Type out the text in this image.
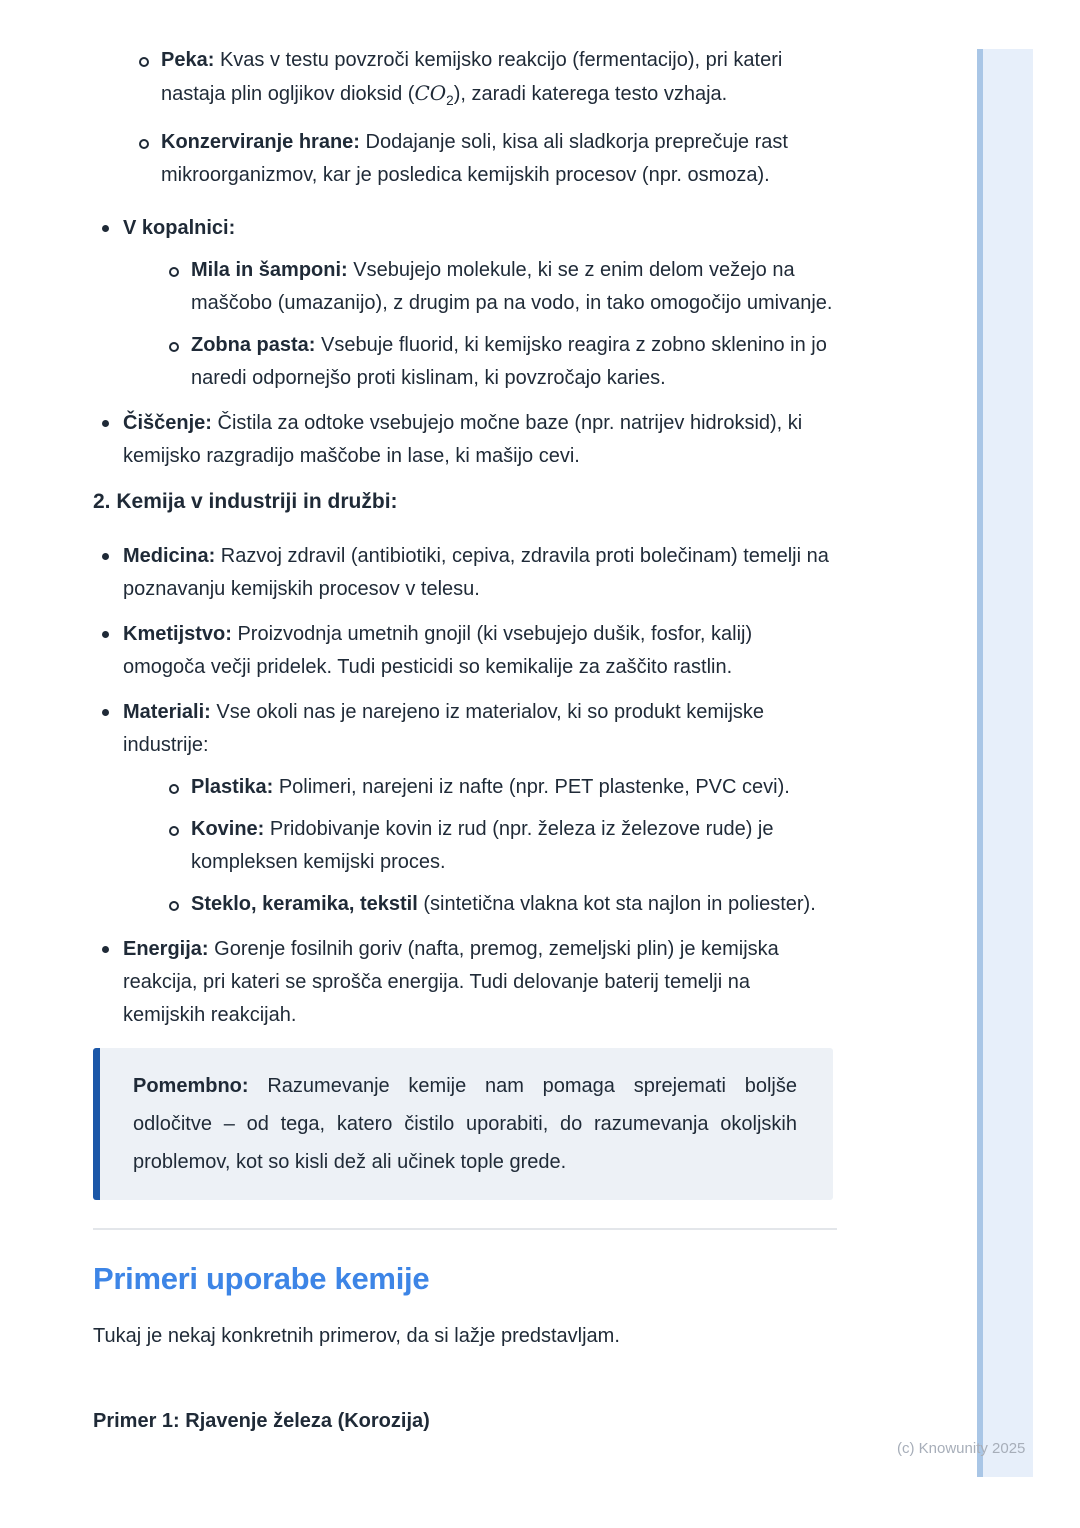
Peka: Kvas v testu povzroči kemijsko reakcijo (fermentacijo), pri kateri nastaja plin ogljikov dioksid $(CO_2)$, zaradi katerega testo vzhaja.
Konzerviranje hrane: Dodajanje soli, kisa ali sladkorja preprečuje rast mikroorganizmov, kar je posledica kemijskih procesov (npr. osmoza).
V kopalnici:
Mila in šamponi: Vsebujejo molekule, ki se z enim delom vežejo na maščobo (umazanijo), z drugim pa na vodo, in tako omogočijo umivanje.
Zobna pasta: Vsebuje fluorid, ki kemijsko reagira z zobno sklenino in jo naredi odpornejšo proti kislinam, ki povzročajo karies.
Čiščenje: Čistila za odtoke vsebujejo močne baze (npr. natrijev hidroksid), ki kemijsko razgradijo maščobe in lase, ki mašijo cevi.
2. Kemija v industriji in družbi:
Medicina: Razvoj zdravil (antibiotiki, cepiva, zdravila proti bolečinam) temelji na poznavanju kemijskih procesov v telesu.
Kmetijstvo: Proizvodnja umetnih gnojil (ki vsebujejo dušik, fosfor, kalij) omogoča večji pridelek. Tudi pesticidi so kemikalije za zaščito rastlin.
Materiali: Vse okoli nas je narejeno iz materialov, ki so produkt kemijske industrije:
Plastika: Polimeri, narejeni iz nafte (npr. PET plastenke, PVC cevi).
Kovine: Pridobivanje kovin iz rud (npr. železa iz železove rude) je kompleksen kemijski proces.
Steklo, keramika, tekstil (sintetična vlakna kot sta najlon in poliester).
Energija: Gorenje fosilnih goriv (nafta, premog, zemeljski plin) je kemijska reakcija, pri kateri se sprošča energija. Tudi delovanje baterij temelji na kemijskih reakcijah.

Pomembno: Razumevanje kemije nam pomaga sprejemati boljše odločitve – od tega, katero čistilo uporabiti, do razumevanja okoljskih problemov, kot so kisli dež ali učinek tople grede.

Primeri uporabe kemije

Tukaj je nekaj konkretnih primerov, da si lažje predstavljam.

Primer 1: Rjavenje železa (Korozija)
(c) Knowunity 2025
